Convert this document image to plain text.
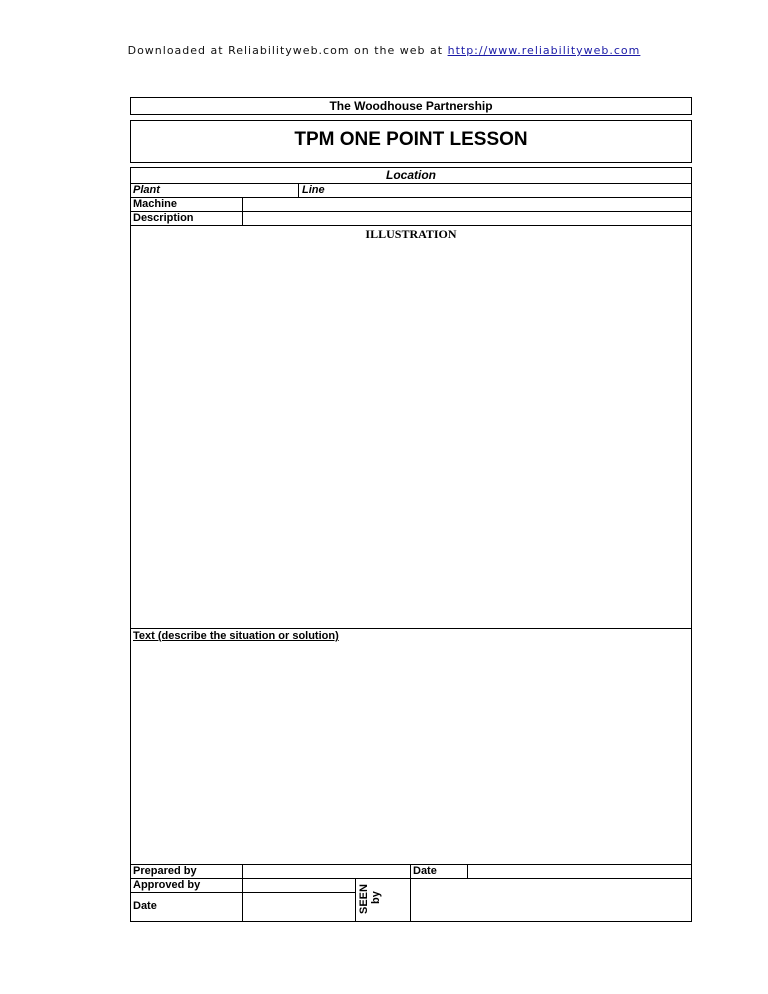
Downloaded at Reliabilityweb.com on the web at http://www.reliabilityweb.com
The Woodhouse Partnership
TPM ONE POINT LESSON
Location
Plant	Line
Machine
Description
ILLUSTRATION
Text (describe the situation or solution)
Prepared by	Date
Approved by
Date	SEEN by
